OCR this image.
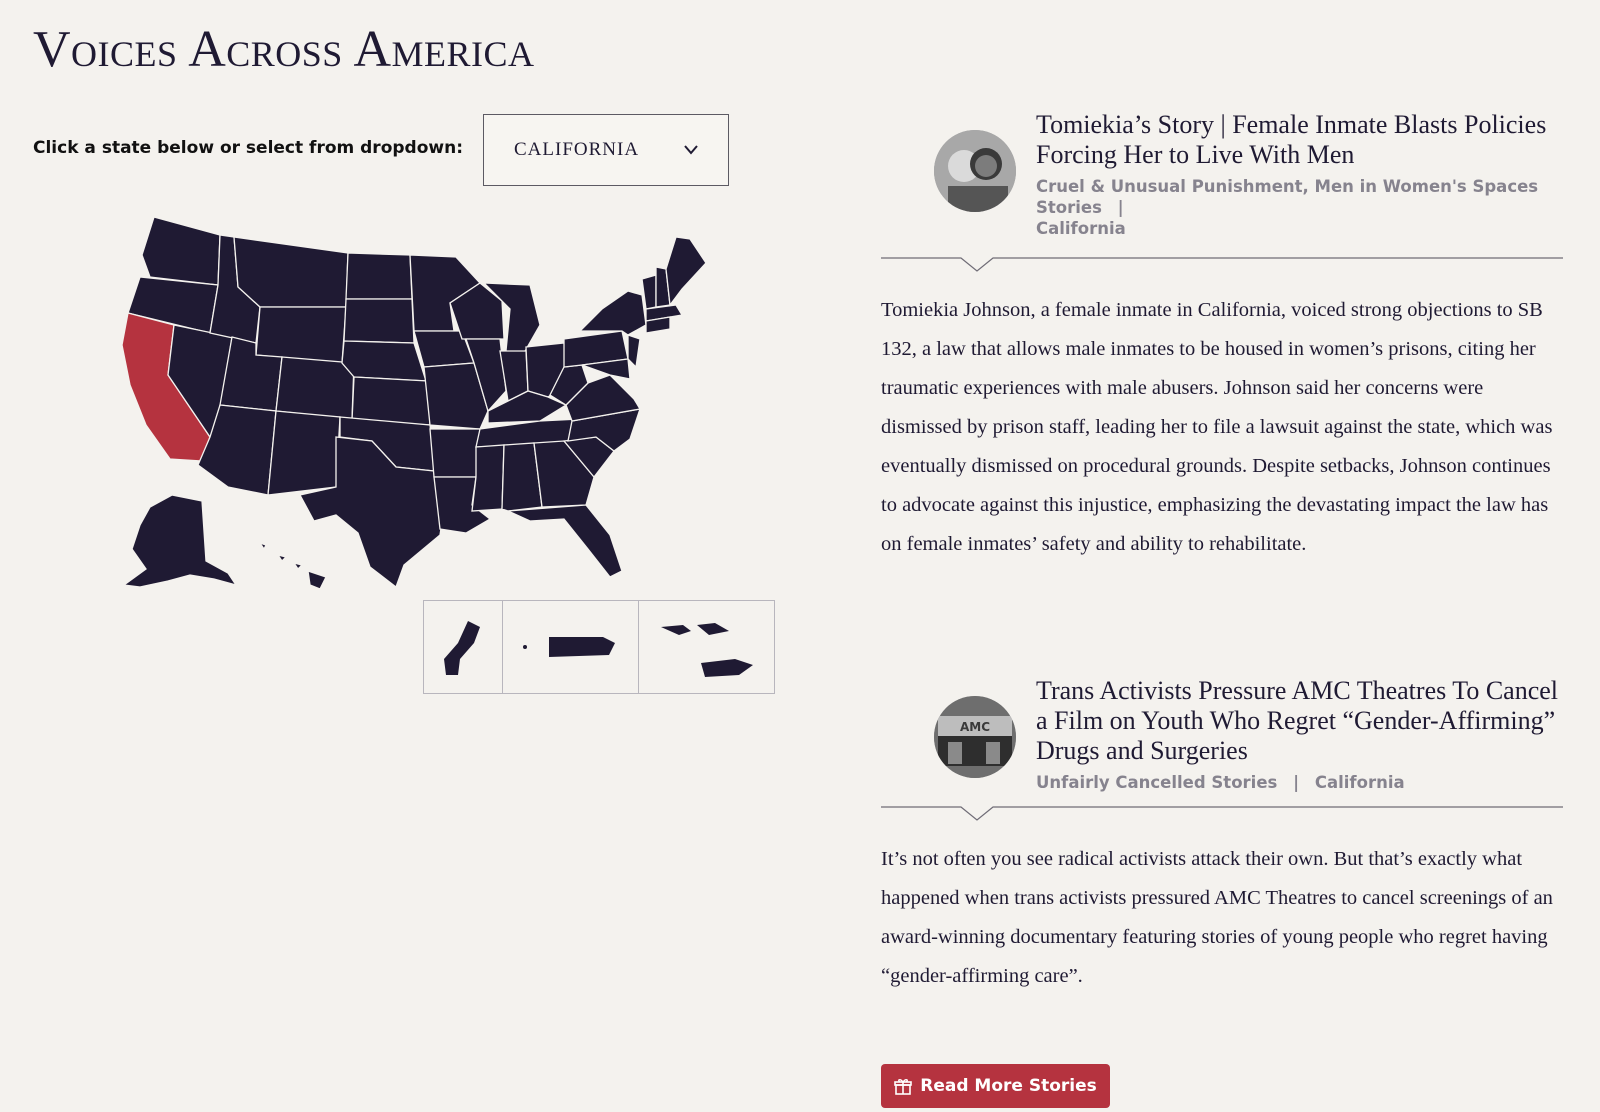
Voices Across America
Click a state below or select from dropdown:	CALIFORNIA
Tomiekia’s Story | Female Inmate Blasts Policies Forcing Her to Live With Men
Cruel & Unusual Punishment, Men in Women's Spaces Stories |
California

Tomiekia Johnson, a female inmate in California, voiced strong objections to SB 132, a law that allows male inmates to be housed in women’s prisons, citing her traumatic experiences with male abusers. Johnson said her concerns were dismissed by prison staff, leading her to file a lawsuit against the state, which was eventually dismissed on procedural grounds. Despite setbacks, Johnson continues to advocate against this injustice, emphasizing the devastating impact the law has on female inmates’ safety and ability to rehabilitate.

AMC
Trans Activists Pressure AMC Theatres To Cancel a Film on Youth Who Regret “Gender-Affirming” Drugs and Surgeries
Unfairly Cancelled Stories | California

It’s not often you see radical activists attack their own. But that’s exactly what happened when trans activists pressured AMC Theatres to cancel screenings of an award-winning documentary featuring stories of young people who regret having “gender-affirming care”.

Read More Stories
